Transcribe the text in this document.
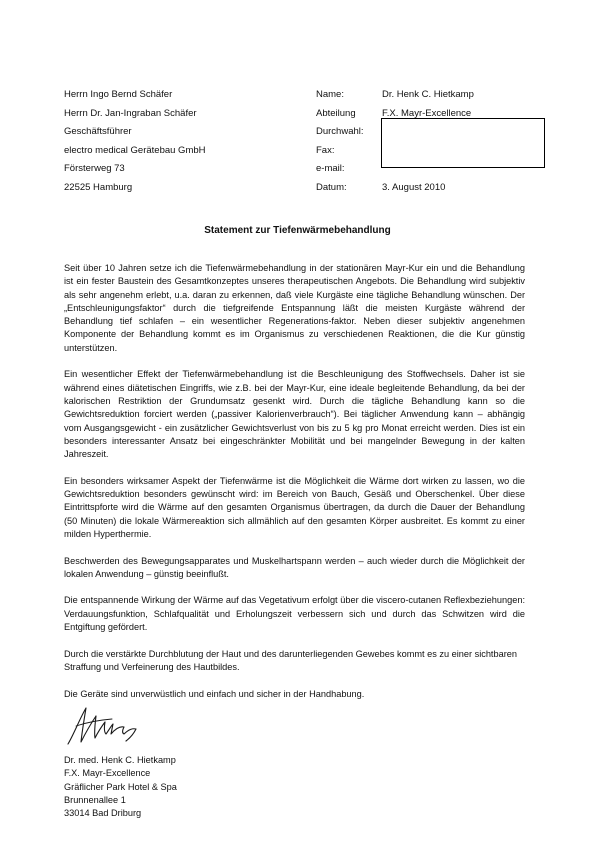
Herrn Ingo Bernd Schäfer
Herrn Dr. Jan-Ingraban Schäfer
Geschäftsführer
electro medical Gerätebau GmbH
Försterweg 73
22525 Hamburg
Name:	Dr. Henk C. Hietkamp
Abteilung	F.X. Mayr-Excellence
Durchwahl:
Fax:
e-mail:
Datum:	3. August 2010
Statement zur Tiefenwärmebehandlung

Seit über 10 Jahren setze ich die Tiefenwärmebehandlung in der stationären Mayr-Kur ein und die Behandlung ist ein fester Baustein des Gesamtkonzeptes unseres therapeutischen Angebots. Die Behandlung wird subjektiv als sehr angenehm erlebt, u.a. daran zu erkennen, daß viele Kurgäste eine tägliche Behandlung wünschen. Der „Entschleunigungsfaktor“ durch die tiefgreifende Entspannung läßt die meisten Kurgäste während der Behandlung tief schlafen – ein wesentlicher Regenerations-faktor. Neben dieser subjektiv angenehmen Komponente der Behandlung kommt es im Organismus zu verschiedenen Reaktionen, die die Kur günstig unterstützen.

Ein wesentlicher Effekt der Tiefenwärmebehandlung ist die Beschleunigung des Stoffwechsels. Daher ist sie während eines diätetischen Eingriffs, wie z.B. bei der Mayr-Kur, eine ideale begleitende Behandlung, da bei der kalorischen Restriktion der Grundumsatz gesenkt wird. Durch die tägliche Behandlung kann so die Gewichtsreduktion forciert werden („passiver Kalorienverbrauch“). Bei täglicher Anwendung kann – abhängig vom Ausgangsgewicht - ein zusätzlicher Gewichtsverlust von bis zu 5 kg pro Monat erreicht werden. Dies ist ein besonders interessanter Ansatz bei eingeschränkter Mobilität und bei mangelnder Bewegung in der kalten Jahreszeit.

Ein besonders wirksamer Aspekt der Tiefenwärme ist die Möglichkeit die Wärme dort wirken zu lassen, wo die Gewichtsreduktion besonders gewünscht wird: im Bereich von Bauch, Gesäß und Oberschenkel. Über diese Eintrittspforte wird die Wärme auf den gesamten Organismus übertragen, da durch die Dauer der Behandlung (50 Minuten) die lokale Wärmereaktion sich allmählich auf den gesamten Körper ausbreitet. Es kommt zu einer milden Hyperthermie.

Beschwerden des Bewegungsapparates und Muskelhartspann werden – auch wieder durch die Möglichkeit der lokalen Anwendung – günstig beeinflußt.

Die entspannende Wirkung der Wärme auf das Vegetativum erfolgt über die viscero-cutanen Reflexbeziehungen: Verdauungsfunktion, Schlafqualität und Erholungszeit verbessern sich und durch das Schwitzen wird die Entgiftung gefördert.

Durch die verstärkte Durchblutung der Haut und des darunterliegenden Gewebes kommt es zu einer sichtbaren Straffung und Verfeinerung des Hautbildes.

Die Geräte sind unverwüstlich und einfach und sicher in der Handhabung.

Dr. med. Henk C. Hietkamp
F.X. Mayr-Excellence
Gräflicher Park Hotel & Spa
Brunnenallee 1
33014 Bad Driburg
